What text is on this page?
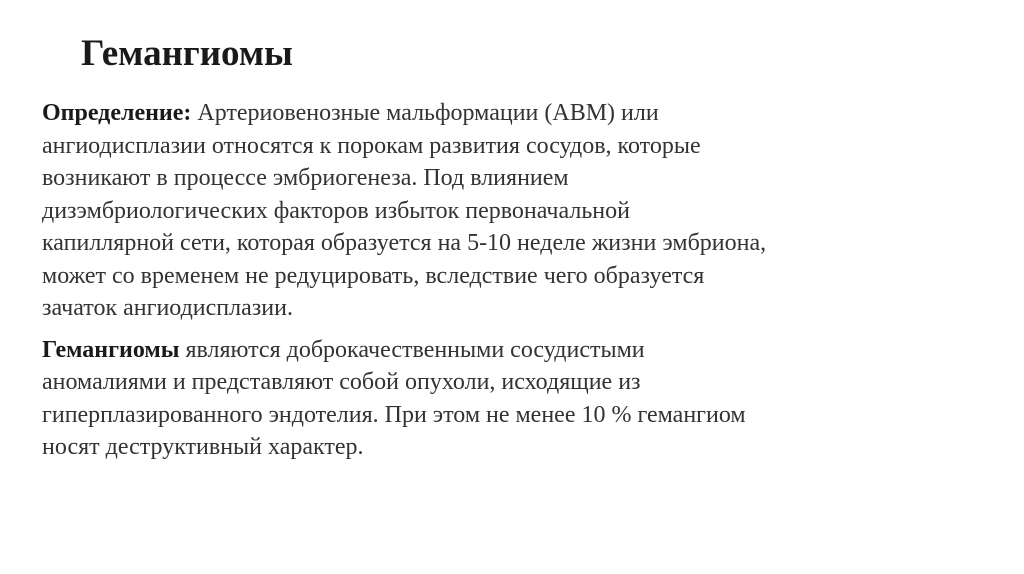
Гемангиомы

Определение: Артериовенозные мальформации (АВМ) или
ангиодисплазии относятся к порокам развития сосудов, которые
возникают в процессе эмбриогенеза. Под влиянием
дизэмбриологических факторов избыток первоначальной
капиллярной сети, которая образуется на 5-10 неделе жизни эмбриона,
может со временем не редуцировать, вследствие чего образуется
зачаток ангиодисплазии.

Гемангиомы являются доброкачественными сосудистыми
аномалиями и представляют собой опухоли, исходящие из
гиперплазированного эндотелия. При этом не менее 10 % гемангиом
носят деструктивный характер.
